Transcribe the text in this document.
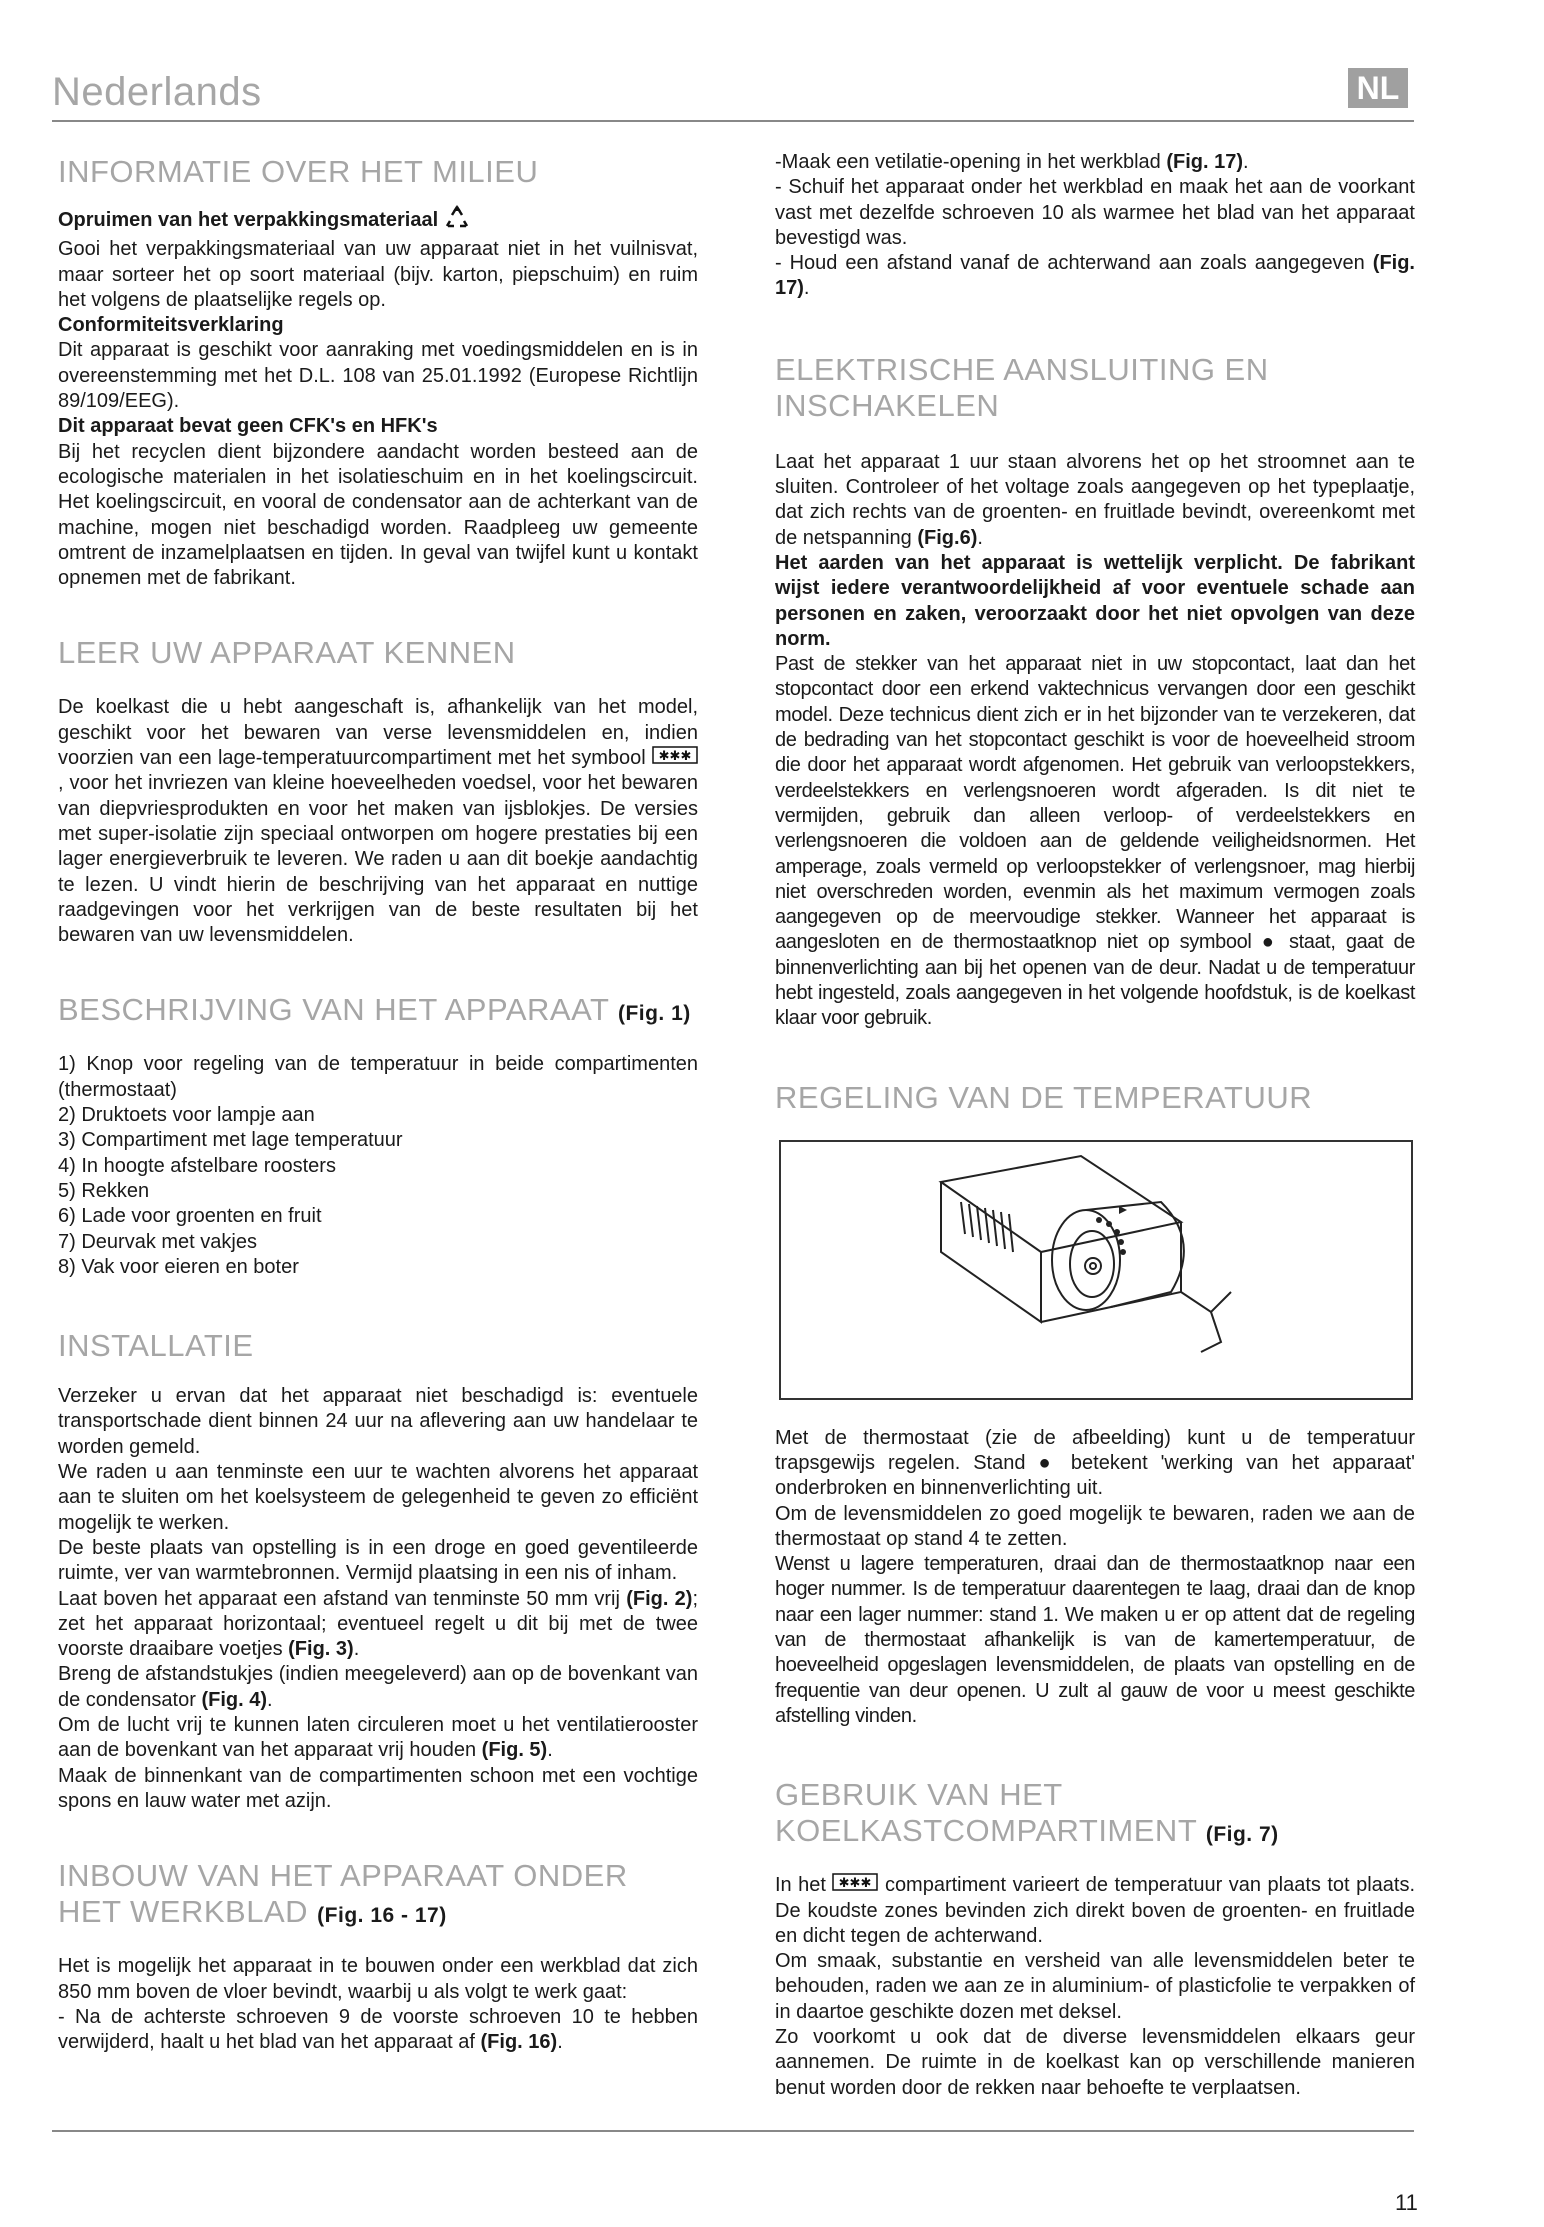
Nederlands	NL
INFORMATIE OVER HET MILIEU

Opruimen van het verpakkingsmateriaal

Gooi het verpakkingsmateriaal van uw apparaat niet in het vuilnisvat, maar sorteer het op soort materiaal (bijv. karton, piepschuim) en ruim het volgens de plaatselijke regels op.

Conformiteitsverklaring

Dit apparaat is geschikt voor aanraking met voedingsmiddelen en is in overeenstemming met het D.L. 108 van 25.01.1992 (Europese Richtlijn 89/109/EEG).

Dit apparaat bevat geen CFK's en HFK's

Bij het recyclen dient bijzondere aandacht worden besteed aan de ecologische materialen in het isolatieschuim en in het koelingscircuit. Het koelingscircuit, en vooral de condensator aan de achterkant van de machine, mogen niet beschadigd worden. Raadpleeg uw gemeente omtrent de inzamelplaatsen en tijden. In geval van twijfel kunt u kontakt opnemen met de fabrikant.

LEER UW APPARAAT KENNEN

De koelkast die u hebt aangeschaft is, afhankelijk van het model, geschikt voor het bewaren van verse levensmiddelen en, indien voorzien van een lage-temperatuurcompartiment met het symbool ✱✱✱
, voor het invriezen van kleine hoeveelheden voedsel, voor het bewaren van diepvriesprodukten en voor het maken van ijsblokjes. De versies met super-isolatie zijn speciaal ontworpen om hogere prestaties bij een lager energieverbruik te leveren. We raden u aan dit boekje aandachtig te lezen. U vindt hierin de beschrijving van het apparaat en nuttige raadgevingen voor het verkrijgen van de beste resultaten bij het bewaren van uw levensmiddelen.

BESCHRIJVING VAN HET APPARAAT (Fig. 1)

1) Knop voor regeling van de temperatuur in beide compartimenten (thermostaat)

2) Druktoets voor lampje aan

3) Compartiment met lage temperatuur

4) In hoogte afstelbare roosters

5) Rekken

6) Lade voor groenten en fruit

7) Deurvak met vakjes

8) Vak voor eieren en boter

INSTALLATIE

Verzeker u ervan dat het apparaat niet beschadigd is: eventuele transportschade dient binnen 24 uur na aflevering aan uw handelaar te worden gemeld.

We raden u aan tenminste een uur te wachten alvorens het apparaat aan te sluiten om het koelsysteem de gelegenheid te geven zo efficiënt mogelijk te werken.

De beste plaats van opstelling is in een droge en goed geventileerde ruimte, ver van warmtebronnen. Vermijd plaatsing in een nis of inham.

Laat boven het apparaat een afstand van tenminste 50 mm vrij (Fig. 2); zet het apparaat horizontaal; eventueel regelt u dit bij met de twee voorste draaibare voetjes (Fig. 3).

Breng de afstandstukjes (indien meegeleverd) aan op de bovenkant van de condensator (Fig. 4).

Om de lucht vrij te kunnen laten circuleren moet u het ventilatierooster aan de bovenkant van het apparaat vrij houden (Fig. 5).

Maak de binnenkant van de compartimenten schoon met een vochtige spons en lauw water met azijn.

INBOUW VAN HET APPARAAT ONDER HET WERKBLAD (Fig. 16 - 17)

Het is mogelijk het apparaat in te bouwen onder een werkblad dat zich 850 mm boven de vloer bevindt, waarbij u als volgt te werk gaat:

- Na de achterste schroeven 9 de voorste schroeven 10 te hebben verwijderd, haalt u het blad van het apparaat af (Fig. 16).

-Maak een vetilatie-opening in het werkblad (Fig. 17).

- Schuif het apparaat onder het werkblad en maak het aan de voorkant vast met dezelfde schroeven 10 als warmee het blad van het apparaat bevestigd was.

- Houd een afstand vanaf de achterwand aan zoals aangegeven (Fig. 17).

ELEKTRISCHE AANSLUITING EN
INSCHAKELEN

Laat het apparaat 1 uur staan alvorens het op het stroomnet aan te sluiten. Controleer of het voltage zoals aangegeven op het typeplaatje, dat zich rechts van de groenten- en fruitlade bevindt, overeenkomt met de netspanning (Fig.6).

Het aarden van het apparaat is wettelijk verplicht. De fabrikant wijst iedere verantwoordelijkheid af voor eventuele schade aan personen en zaken, veroorzaakt door het niet opvolgen van deze norm.

Past de stekker van het apparaat niet in uw stopcontact, laat dan het stopcontact door een erkend vaktechnicus vervangen door een geschikt model. Deze technicus dient zich er in het bijzonder van te verzekeren, dat de bedrading van het stopcontact geschikt is voor de hoeveelheid stroom die door het apparaat wordt afgenomen. Het gebruik van verloopstekkers, verdeelstekkers en verlengsnoeren wordt afgeraden. Is dit niet te vermijden, gebruik dan alleen verloop- of verdeelstekkers en verlengsnoeren die voldoen aan de geldende veiligheidsnormen. Het amperage, zoals vermeld op verloopstekker of verlengsnoer, mag hierbij niet overschreden worden, evenmin als het maximum vermogen zoals aangegeven op de meervoudige stekker. Wanneer het apparaat is aangesloten en de thermostaatknop niet op symbool ● staat, gaat de binnenverlichting aan bij het openen van de deur. Nadat u de temperatuur hebt ingesteld, zoals aangegeven in het volgende hoofdstuk, is de koelkast klaar voor gebruik.

REGELING VAN DE TEMPERATUUR

Met de thermostaat (zie de afbeelding) kunt u de temperatuur trapsgewijs regelen. Stand ● betekent 'werking van het apparaat' onderbroken en binnenverlichting uit.

Om de levensmiddelen zo goed mogelijk te bewaren, raden we aan de thermostaat op stand 4 te zetten.

Wenst u lagere temperaturen, draai dan de thermostaatknop naar een hoger nummer. Is de temperatuur daarentegen te laag, draai dan de knop naar een lager nummer: stand 1. We maken u er op attent dat de regeling van de thermostaat afhankelijk is van de kamertemperatuur, de hoeveelheid opgeslagen levensmiddelen, de plaats van opstelling en de frequentie van deur openen. U zult al gauw de voor u meest geschikte afstelling vinden.

GEBRUIK VAN HET
KOELKASTCOMPARTIMENT (Fig. 7)

In het ✱✱✱ compartiment varieert de temperatuur van plaats tot plaats. De koudste zones bevinden zich direkt boven de groenten- en fruitlade en dicht tegen de achterwand.

Om smaak, substantie en versheid van alle levensmiddelen beter te behouden, raden we aan ze in aluminium- of plasticfolie te verpakken of in daartoe geschikte dozen met deksel.

Zo voorkomt u ook dat de diverse levensmiddelen elkaars geur aannemen. De ruimte in de koelkast kan op verschillende manieren benut worden door de rekken naar behoefte te verplaatsen.

11
